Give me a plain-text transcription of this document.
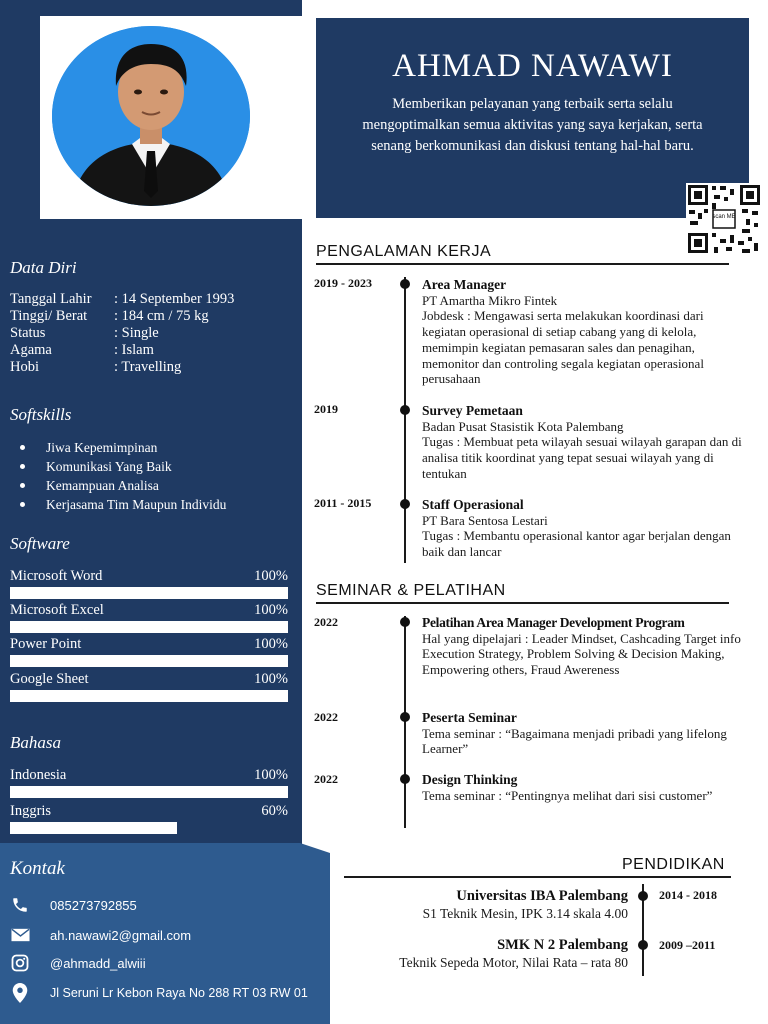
Data Diri
Tanggal Lahir : 14 September 1993
Tinggi/ Berat : 184 cm / 75 kg
Status	: Single
Agama	: Islam
Hobi	: Travelling
Softskills
Jiwa Kepemimpinan
Komunikasi Yang Baik
Kemampuan Analisa
Kerjasama Tim Maupun Individu
Software
Microsoft Word	100%
Microsoft Excel	100%
Power Point	100%
Google Sheet	100%
Bahasa
Indonesia	100%
Inggris	60%
Kontak
085273792855
ah.nawawi2@gmail.com
@ahmadd_alwiii
Jl Seruni Lr Kebon Raya No 288 RT 03 RW 01
AHMAD NAWAWI
Memberikan pelayanan yang terbaik serta selalu mengoptimalkan semua aktivitas yang saya kerjakan, serta senang berkomunikasi dan diskusi tentang hal-hal baru.
scan ME
PENGALAMAN KERJA
2019 - 2023	Area Manager
PT Amartha Mikro Fintek
Jobdesk : Mengawasi serta melakukan koordinasi dari kegiatan operasional di setiap cabang yang di kelola, memimpin kegiatan pemasaran sales dan penagihan, memonitor dan controling segala kegiatan operasional perusahaan
2019	Survey Pemetaan
Badan Pusat Stasistik Kota Palembang
Tugas : Membuat peta wilayah sesuai wilayah garapan dan di analisa titik koordinat yang tepat sesuai wilayah yang di tentukan
2011 - 2015	Staff Operasional
PT Bara Sentosa Lestari
Tugas : Membantu operasional kantor agar berjalan dengan baik dan lancar
SEMINAR & PELATIHAN
2022	Pelatihan Area Manager Development Program
Hal yang dipelajari : Leader Mindset, Cashcading Target info Execution Strategy, Problem Solving & Decision Making, Empowering others, Fraud Awereness
2022	Peserta Seminar
Tema seminar : “Bagaimana menjadi pribadi yang lifelong Learner”
2022	Design Thinking
Tema seminar : “Pentingnya melihat dari sisi customer”
PENDIDIKAN
Universitas IBA Palembang
S1 Teknik Mesin, IPK 3.14 skala 4.00
2014 - 2018
SMK N 2 Palembang
Teknik Sepeda Motor, Nilai Rata – rata 80
2009 –2011
